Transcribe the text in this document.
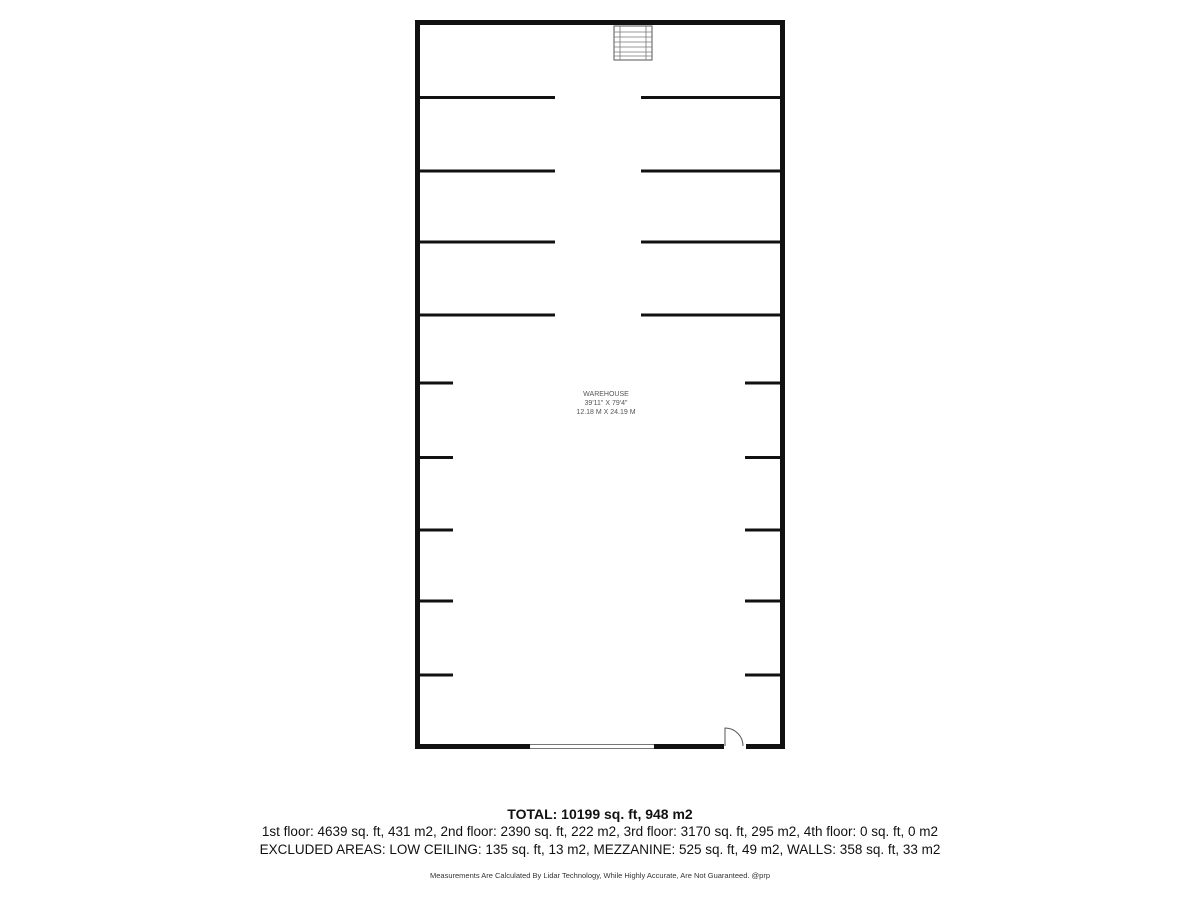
WAREHOUSE
39'11" X 79'4"
12.18 M X 24.19 M
TOTAL: 10199 sq. ft, 948 m2
1st floor: 4639 sq. ft, 431 m2, 2nd floor: 2390 sq. ft, 222 m2, 3rd floor: 3170 sq. ft, 295 m2, 4th floor: 0 sq. ft, 0 m2
EXCLUDED AREAS: LOW CEILING: 135 sq. ft, 13 m2, MEZZANINE: 525 sq. ft, 49 m2, WALLS: 358 sq. ft, 33 m2
Measurements Are Calculated By Lidar Technology, While Highly Accurate, Are Not Guaranteed. @prp
